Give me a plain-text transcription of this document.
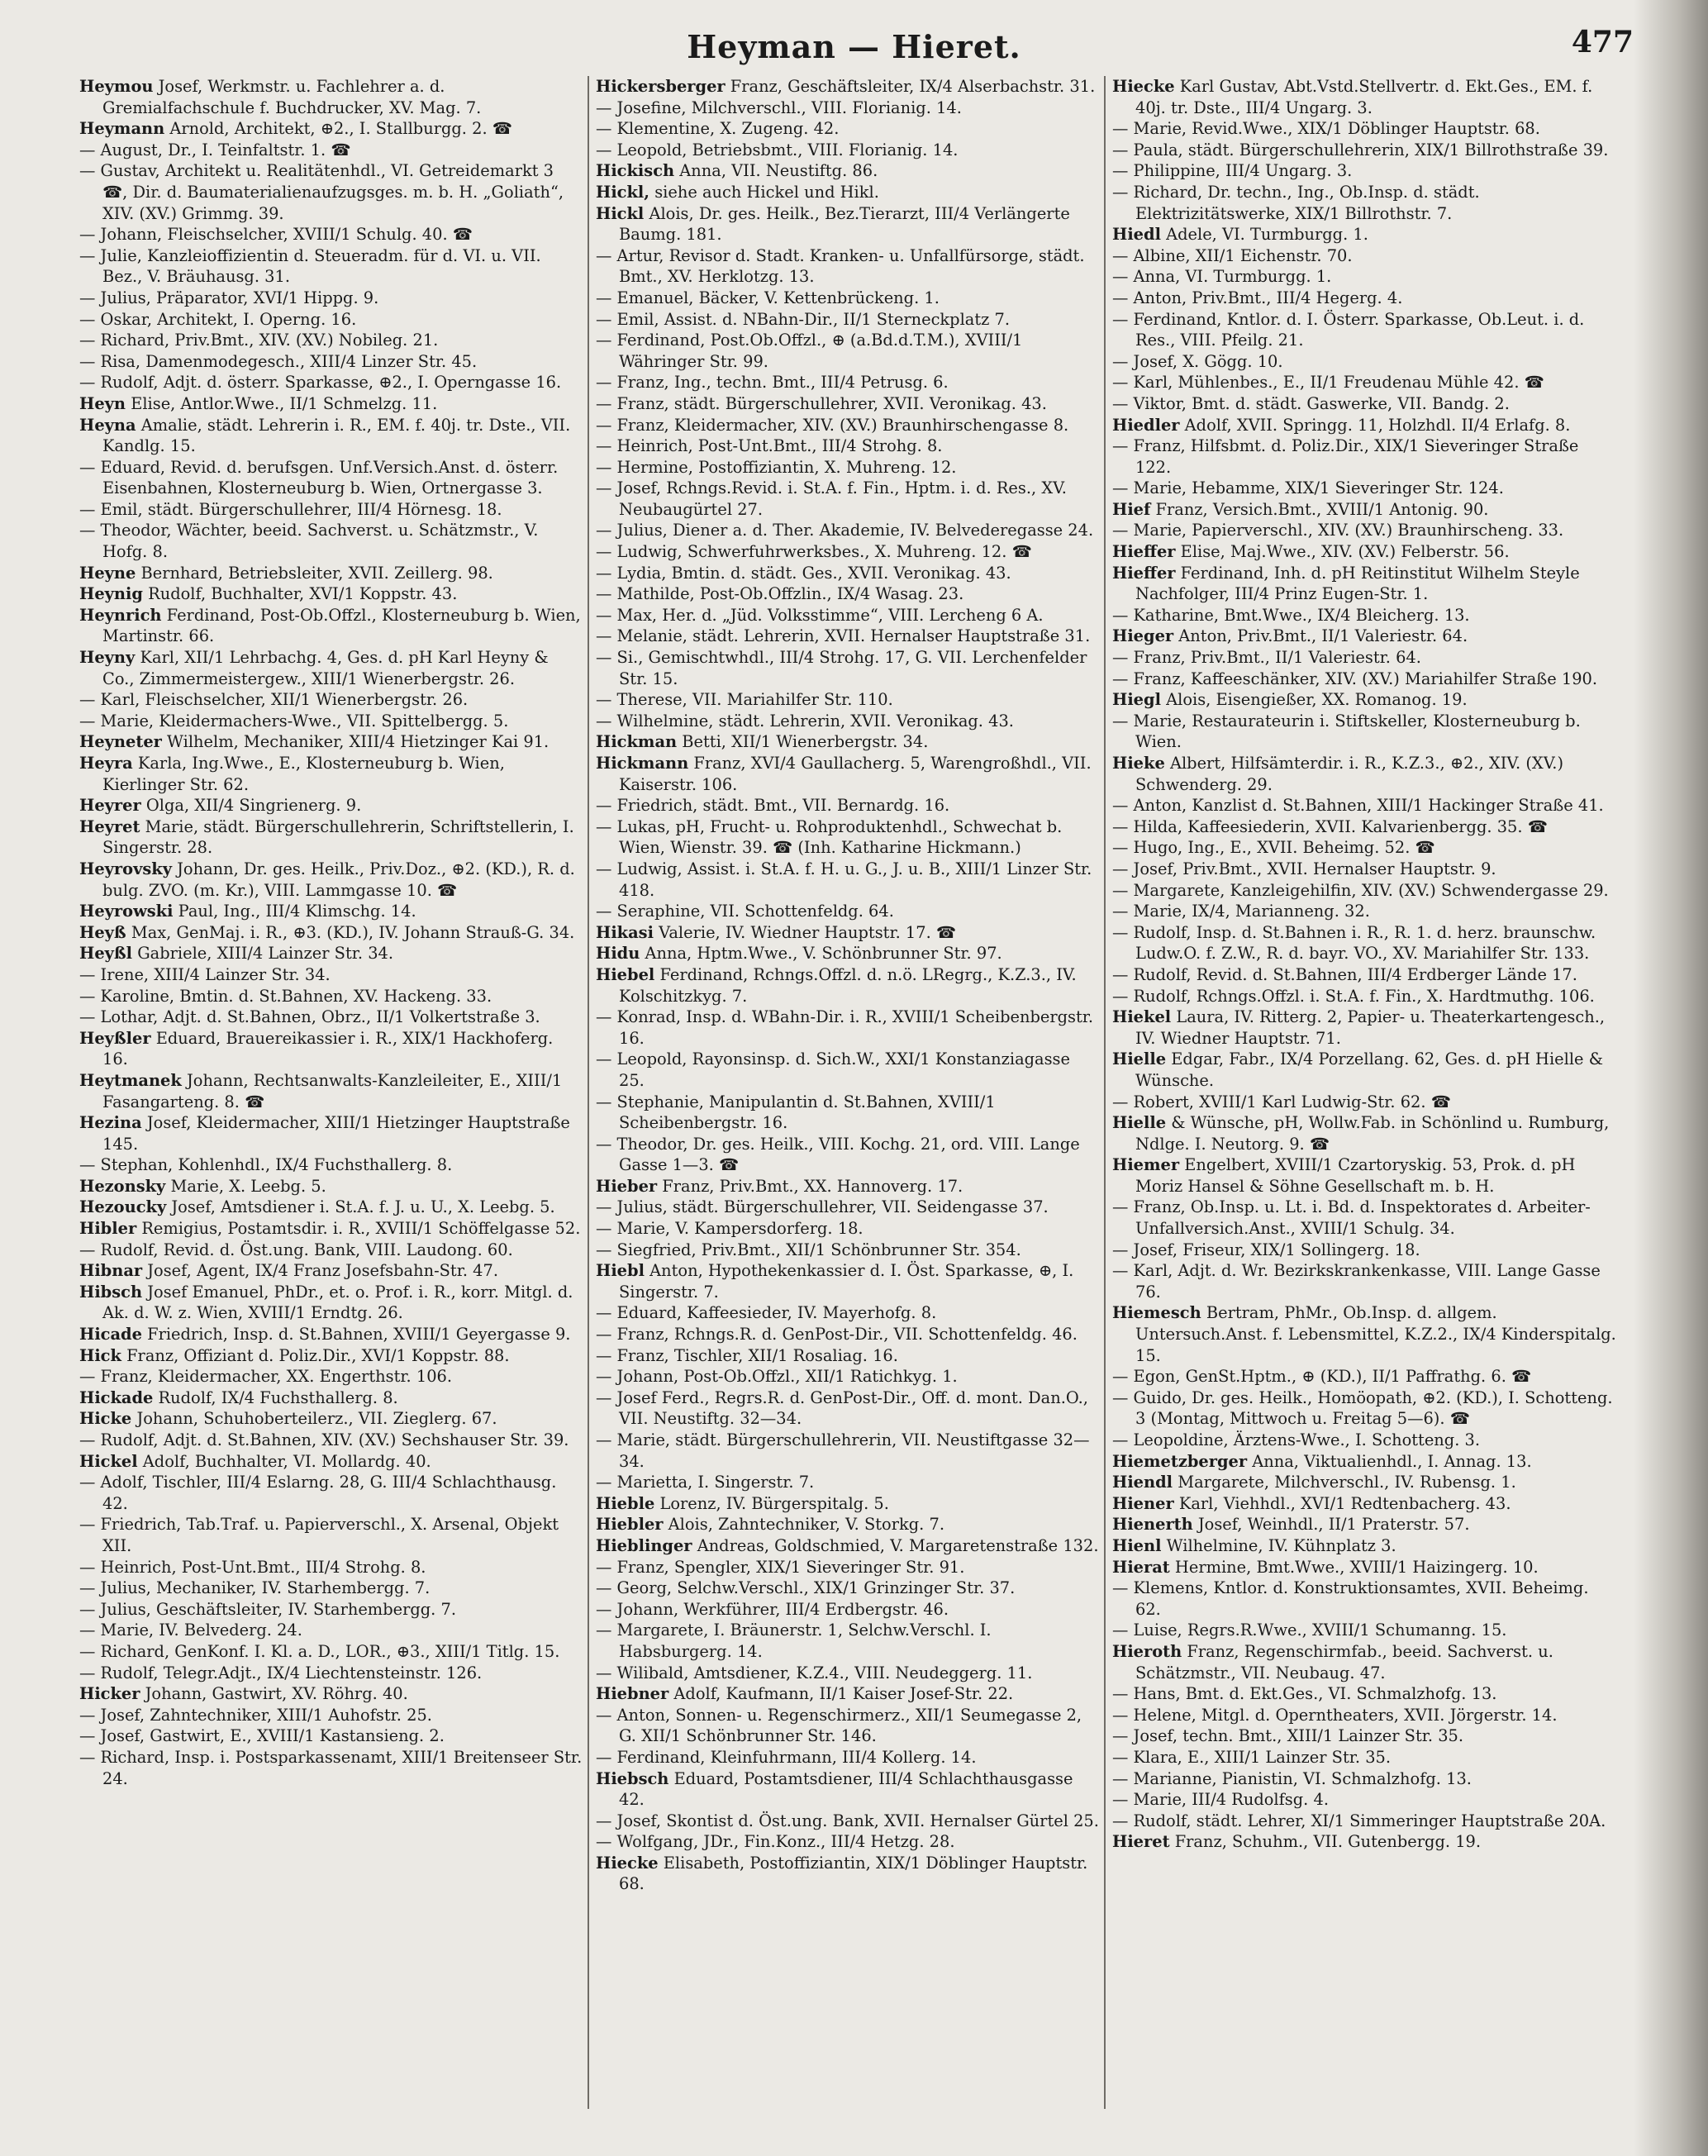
Heyman — Hieret.	477
Heymou Josef, Werkmstr. u. Fachlehrer a. d. Gremialfachschule f. Buchdrucker, XV. Mag. 7.
Heymann Arnold, Architekt, ⊕2., I. Stallburgg. 2. ☎
— August, Dr., I. Teinfaltstr. 1. ☎
— Gustav, Architekt u. Realitätenhdl., VI. Getreidemarkt 3 ☎, Dir. d. Baumaterialienaufzugsges. m. b. H. „Goliath“, XIV. (XV.) Grimmg. 39.
— Johann, Fleischselcher, XVIII/1 Schulg. 40. ☎
— Julie, Kanzleioffizientin d. Steueradm. für d. VI. u. VII. Bez., V. Bräuhausg. 31.
— Julius, Präparator, XVI/1 Hippg. 9.
— Oskar, Architekt, I. Operng. 16.
— Richard, Priv.Bmt., XIV. (XV.) Nobileg. 21.
— Risa, Damenmodegesch., XIII/4 Linzer Str. 45.
— Rudolf, Adjt. d. österr. Sparkasse, ⊕2., I. Operngasse 16.
Heyn Elise, Antlor.Wwe., II/1 Schmelzg. 11.
Heyna Amalie, städt. Lehrerin i. R., EM. f. 40j. tr. Dste., VII. Kandlg. 15.
— Eduard, Revid. d. berufsgen. Unf.Versich.Anst. d. österr. Eisenbahnen, Klosterneuburg b. Wien, Ortnergasse 3.
— Emil, städt. Bürgerschullehrer, III/4 Hörnesg. 18.
— Theodor, Wächter, beeid. Sachverst. u. Schätzmstr., V. Hofg. 8.
Heyne Bernhard, Betriebsleiter, XVII. Zeillerg. 98.
Heynig Rudolf, Buchhalter, XVI/1 Koppstr. 43.
Heynrich Ferdinand, Post-Ob.Offzl., Klosterneuburg b. Wien, Martinstr. 66.
Heyny Karl, XII/1 Lehrbachg. 4, Ges. d. pH Karl Heyny & Co., Zimmermeistergew., XIII/1 Wienerbergstr. 26.
— Karl, Fleischselcher, XII/1 Wienerbergstr. 26.
— Marie, Kleidermachers-Wwe., VII. Spittelbergg. 5.
Heyneter Wilhelm, Mechaniker, XIII/4 Hietzinger Kai 91.
Heyra Karla, Ing.Wwe., E., Klosterneuburg b. Wien, Kierlinger Str. 62.
Heyrer Olga, XII/4 Singrienerg. 9.
Heyret Marie, städt. Bürgerschullehrerin, Schriftstellerin, I. Singerstr. 28.
Heyrovsky Johann, Dr. ges. Heilk., Priv.Doz., ⊕2. (KD.), R. d. bulg. ZVO. (m. Kr.), VIII. Lammgasse 10. ☎
Heyrowski Paul, Ing., III/4 Klimschg. 14.
Heyß Max, GenMaj. i. R., ⊕3. (KD.), IV. Johann Strauß-G. 34.
Heyßl Gabriele, XIII/4 Lainzer Str. 34.
— Irene, XIII/4 Lainzer Str. 34.
— Karoline, Bmtin. d. St.Bahnen, XV. Hackeng. 33.
— Lothar, Adjt. d. St.Bahnen, Obrz., II/1 Volkertstraße 3.
Heyßler Eduard, Brauereikassier i. R., XIX/1 Hackhoferg. 16.
Heytmanek Johann, Rechtsanwalts-Kanzleileiter, E., XIII/1 Fasangarteng. 8. ☎
Hezina Josef, Kleidermacher, XIII/1 Hietzinger Hauptstraße 145.
— Stephan, Kohlenhdl., IX/4 Fuchsthallerg. 8.
Hezonsky Marie, X. Leebg. 5.
Hezoucky Josef, Amtsdiener i. St.A. f. J. u. U., X. Leebg. 5.
Hibler Remigius, Postamtsdir. i. R., XVIII/1 Schöffelgasse 52.
— Rudolf, Revid. d. Öst.ung. Bank, VIII. Laudong. 60.
Hibnar Josef, Agent, IX/4 Franz Josefsbahn-Str. 47.
Hibsch Josef Emanuel, PhDr., et. o. Prof. i. R., korr. Mitgl. d. Ak. d. W. z. Wien, XVIII/1 Erndtg. 26.
Hicade Friedrich, Insp. d. St.Bahnen, XVIII/1 Geyergasse 9.
Hick Franz, Offiziant d. Poliz.Dir., XVI/1 Koppstr. 88.
— Franz, Kleidermacher, XX. Engerthstr. 106.
Hickade Rudolf, IX/4 Fuchsthallerg. 8.
Hicke Johann, Schuhoberteilerz., VII. Zieglerg. 67.
— Rudolf, Adjt. d. St.Bahnen, XIV. (XV.) Sechshauser Str. 39.
Hickel Adolf, Buchhalter, VI. Mollardg. 40.
— Adolf, Tischler, III/4 Eslarng. 28, G. III/4 Schlachthausg. 42.
— Friedrich, Tab.Traf. u. Papierverschl., X. Arsenal, Objekt XII.
— Heinrich, Post-Unt.Bmt., III/4 Strohg. 8.
— Julius, Mechaniker, IV. Starhembergg. 7.
— Julius, Geschäftsleiter, IV. Starhembergg. 7.
— Marie, IV. Belvederg. 24.
— Richard, GenKonf. I. Kl. a. D., LOR., ⊕3., XIII/1 Titlg. 15.
— Rudolf, Telegr.Adjt., IX/4 Liechtensteinstr. 126.
Hicker Johann, Gastwirt, XV. Röhrg. 40.
— Josef, Zahntechniker, XIII/1 Auhofstr. 25.
— Josef, Gastwirt, E., XVIII/1 Kastansieng. 2.
— Richard, Insp. i. Postsparkassenamt, XIII/1 Breitenseer Str. 24.
Hickersberger Franz, Geschäftsleiter, IX/4 Alserbachstr. 31.
— Josefine, Milchverschl., VIII. Florianig. 14.
— Klementine, X. Zugeng. 42.
— Leopold, Betriebsbmt., VIII. Florianig. 14.
Hickisch Anna, VII. Neustiftg. 86.
Hickl, siehe auch Hickel und Hikl.
Hickl Alois, Dr. ges. Heilk., Bez.Tierarzt, III/4 Verlängerte Baumg. 181.
— Artur, Revisor d. Stadt. Kranken- u. Unfallfürsorge, städt. Bmt., XV. Herklotzg. 13.
— Emanuel, Bäcker, V. Kettenbrückeng. 1.
— Emil, Assist. d. NBahn-Dir., II/1 Sterneckplatz 7.
— Ferdinand, Post.Ob.Offzl., ⊕ (a.Bd.d.T.M.), XVIII/1 Währinger Str. 99.
— Franz, Ing., techn. Bmt., III/4 Petrusg. 6.
— Franz, städt. Bürgerschullehrer, XVII. Veronikag. 43.
— Franz, Kleidermacher, XIV. (XV.) Braunhirschengasse 8.
— Heinrich, Post-Unt.Bmt., III/4 Strohg. 8.
— Hermine, Postoffiziantin, X. Muhreng. 12.
— Josef, Rchngs.Revid. i. St.A. f. Fin., Hptm. i. d. Res., XV. Neubaugürtel 27.
— Julius, Diener a. d. Ther. Akademie, IV. Belvederegasse 24.
— Ludwig, Schwerfuhrwerksbes., X. Muhreng. 12. ☎
— Lydia, Bmtin. d. städt. Ges., XVII. Veronikag. 43.
— Mathilde, Post-Ob.Offzlin., IX/4 Wasag. 23.
— Max, Her. d. „Jüd. Volksstimme“, VIII. Lercheng 6 A.
— Melanie, städt. Lehrerin, XVII. Hernalser Hauptstraße 31.
— Si., Gemischtwhdl., III/4 Strohg. 17, G. VII. Lerchenfelder Str. 15.
— Therese, VII. Mariahilfer Str. 110.
— Wilhelmine, städt. Lehrerin, XVII. Veronikag. 43.
Hickman Betti, XII/1 Wienerbergstr. 34.
Hickmann Franz, XVI/4 Gaullacherg. 5, Warengroßhdl., VII. Kaiserstr. 106.
— Friedrich, städt. Bmt., VII. Bernardg. 16.
— Lukas, pH, Frucht- u. Rohproduktenhdl., Schwechat b. Wien, Wienstr. 39. ☎ (Inh. Katharine Hickmann.)
— Ludwig, Assist. i. St.A. f. H. u. G., J. u. B., XIII/1 Linzer Str. 418.
— Seraphine, VII. Schottenfeldg. 64.
Hikasi Valerie, IV. Wiedner Hauptstr. 17. ☎
Hidu Anna, Hptm.Wwe., V. Schönbrunner Str. 97.
Hiebel Ferdinand, Rchngs.Offzl. d. n.ö. LRegrg., K.Z.3., IV. Kolschitzkyg. 7.
— Konrad, Insp. d. WBahn-Dir. i. R., XVIII/1 Scheibenbergstr. 16.
— Leopold, Rayonsinsp. d. Sich.W., XXI/1 Konstanziagasse 25.
— Stephanie, Manipulantin d. St.Bahnen, XVIII/1 Scheibenbergstr. 16.
— Theodor, Dr. ges. Heilk., VIII. Kochg. 21, ord. VIII. Lange Gasse 1—3. ☎
Hieber Franz, Priv.Bmt., XX. Hannoverg. 17.
— Julius, städt. Bürgerschullehrer, VII. Seidengasse 37.
— Marie, V. Kampersdorferg. 18.
— Siegfried, Priv.Bmt., XII/1 Schönbrunner Str. 354.
Hiebl Anton, Hypothekenkassier d. I. Öst. Sparkasse, ⊕, I. Singerstr. 7.
— Eduard, Kaffeesieder, IV. Mayerhofg. 8.
— Franz, Rchngs.R. d. GenPost-Dir., VII. Schottenfeldg. 46.
— Franz, Tischler, XII/1 Rosaliag. 16.
— Johann, Post-Ob.Offzl., XII/1 Ratichkyg. 1.
— Josef Ferd., Regrs.R. d. GenPost-Dir., Off. d. mont. Dan.O., VII. Neustiftg. 32—34.
— Marie, städt. Bürgerschullehrerin, VII. Neustiftgasse 32—34.
— Marietta, I. Singerstr. 7.
Hieble Lorenz, IV. Bürgerspitalg. 5.
Hiebler Alois, Zahntechniker, V. Storkg. 7.
Hieblinger Andreas, Goldschmied, V. Margaretenstraße 132.
— Franz, Spengler, XIX/1 Sieveringer Str. 91.
— Georg, Selchw.Verschl., XIX/1 Grinzinger Str. 37.
— Johann, Werkführer, III/4 Erdbergstr. 46.
— Margarete, I. Bräunerstr. 1, Selchw.Verschl. I. Habsburgerg. 14.
— Wilibald, Amtsdiener, K.Z.4., VIII. Neudeggerg. 11.
Hiebner Adolf, Kaufmann, II/1 Kaiser Josef-Str. 22.
— Anton, Sonnen- u. Regenschirmerz., XII/1 Seumegasse 2, G. XII/1 Schönbrunner Str. 146.
— Ferdinand, Kleinfuhrmann, III/4 Kollerg. 14.
Hiebsch Eduard, Postamtsdiener, III/4 Schlachthausgasse 42.
— Josef, Skontist d. Öst.ung. Bank, XVII. Hernalser Gürtel 25.
— Wolfgang, JDr., Fin.Konz., III/4 Hetzg. 28.
Hiecke Elisabeth, Postoffiziantin, XIX/1 Döblinger Hauptstr. 68.
Hiecke Karl Gustav, Abt.Vstd.Stellvertr. d. Ekt.Ges., EM. f. 40j. tr. Dste., III/4 Ungarg. 3.
— Marie, Revid.Wwe., XIX/1 Döblinger Hauptstr. 68.
— Paula, städt. Bürgerschullehrerin, XIX/1 Billrothstraße 39.
— Philippine, III/4 Ungarg. 3.
— Richard, Dr. techn., Ing., Ob.Insp. d. städt. Elektrizitätswerke, XIX/1 Billrothstr. 7.
Hiedl Adele, VI. Turmburgg. 1.
— Albine, XII/1 Eichenstr. 70.
— Anna, VI. Turmburgg. 1.
— Anton, Priv.Bmt., III/4 Hegerg. 4.
— Ferdinand, Kntlor. d. I. Österr. Sparkasse, Ob.Leut. i. d. Res., VIII. Pfeilg. 21.
— Josef, X. Gögg. 10.
— Karl, Mühlenbes., E., II/1 Freudenau Mühle 42. ☎
— Viktor, Bmt. d. städt. Gaswerke, VII. Bandg. 2.
Hiedler Adolf, XVII. Springg. 11, Holzhdl. II/4 Erlafg. 8.
— Franz, Hilfsbmt. d. Poliz.Dir., XIX/1 Sieveringer Straße 122.
— Marie, Hebamme, XIX/1 Sieveringer Str. 124.
Hief Franz, Versich.Bmt., XVIII/1 Antonig. 90.
— Marie, Papierverschl., XIV. (XV.) Braunhirscheng. 33.
Hieffer Elise, Maj.Wwe., XIV. (XV.) Felberstr. 56.
Hieffer Ferdinand, Inh. d. pH Reitinstitut Wilhelm Steyle Nachfolger, III/4 Prinz Eugen-Str. 1.
— Katharine, Bmt.Wwe., IX/4 Bleicherg. 13.
Hieger Anton, Priv.Bmt., II/1 Valeriestr. 64.
— Franz, Priv.Bmt., II/1 Valeriestr. 64.
— Franz, Kaffeeschänker, XIV. (XV.) Mariahilfer Straße 190.
Hiegl Alois, Eisengießer, XX. Romanog. 19.
— Marie, Restaurateurin i. Stiftskeller, Klosterneuburg b. Wien.
Hieke Albert, Hilfsämterdir. i. R., K.Z.3., ⊕2., XIV. (XV.) Schwenderg. 29.
— Anton, Kanzlist d. St.Bahnen, XIII/1 Hackinger Straße 41.
— Hilda, Kaffeesiederin, XVII. Kalvarienbergg. 35. ☎
— Hugo, Ing., E., XVII. Beheimg. 52. ☎
— Josef, Priv.Bmt., XVII. Hernalser Hauptstr. 9.
— Margarete, Kanzleigehilfin, XIV. (XV.) Schwendergasse 29.
— Marie, IX/4, Marianneng. 32.
— Rudolf, Insp. d. St.Bahnen i. R., R. 1. d. herz. braunschw. Ludw.O. f. Z.W., R. d. bayr. VO., XV. Mariahilfer Str. 133.
— Rudolf, Revid. d. St.Bahnen, III/4 Erdberger Lände 17.
— Rudolf, Rchngs.Offzl. i. St.A. f. Fin., X. Hardtmuthg. 106.
Hiekel Laura, IV. Ritterg. 2, Papier- u. Theaterkartengesch., IV. Wiedner Hauptstr. 71.
Hielle Edgar, Fabr., IX/4 Porzellang. 62, Ges. d. pH Hielle & Wünsche.
— Robert, XVIII/1 Karl Ludwig-Str. 62. ☎
Hielle & Wünsche, pH, Wollw.Fab. in Schönlind u. Rumburg, Ndlge. I. Neutorg. 9. ☎
Hiemer Engelbert, XVIII/1 Czartoryskig. 53, Prok. d. pH Moriz Hansel & Söhne Gesellschaft m. b. H.
— Franz, Ob.Insp. u. Lt. i. Bd. d. Inspektorates d. Arbeiter-Unfallversich.Anst., XVIII/1 Schulg. 34.
— Josef, Friseur, XIX/1 Sollingerg. 18.
— Karl, Adjt. d. Wr. Bezirkskrankenkasse, VIII. Lange Gasse 76.
Hiemesch Bertram, PhMr., Ob.Insp. d. allgem. Untersuch.Anst. f. Lebensmittel, K.Z.2., IX/4 Kinderspitalg. 15.
— Egon, GenSt.Hptm., ⊕ (KD.), II/1 Paffrathg. 6. ☎
— Guido, Dr. ges. Heilk., Homöopath, ⊕2. (KD.), I. Schotteng. 3 (Montag, Mittwoch u. Freitag 5—6). ☎
— Leopoldine, Ärztens-Wwe., I. Schotteng. 3.
Hiemetzberger Anna, Viktualienhdl., I. Annag. 13.
Hiendl Margarete, Milchverschl., IV. Rubensg. 1.
Hiener Karl, Viehhdl., XVI/1 Redtenbacherg. 43.
Hienerth Josef, Weinhdl., II/1 Praterstr. 57.
Hienl Wilhelmine, IV. Kühnplatz 3.
Hierat Hermine, Bmt.Wwe., XVIII/1 Haizingerg. 10.
— Klemens, Kntlor. d. Konstruktionsamtes, XVII. Beheimg. 62.
— Luise, Regrs.R.Wwe., XVIII/1 Schumanng. 15.
Hieroth Franz, Regenschirmfab., beeid. Sachverst. u. Schätzmstr., VII. Neubaug. 47.
— Hans, Bmt. d. Ekt.Ges., VI. Schmalzhofg. 13.
— Helene, Mitgl. d. Operntheaters, XVII. Jörgerstr. 14.
— Josef, techn. Bmt., XIII/1 Lainzer Str. 35.
— Klara, E., XIII/1 Lainzer Str. 35.
— Marianne, Pianistin, VI. Schmalzhofg. 13.
— Marie, III/4 Rudolfsg. 4.
— Rudolf, städt. Lehrer, XI/1 Simmeringer Hauptstraße 20A.
Hieret Franz, Schuhm., VII. Gutenbergg. 19.
